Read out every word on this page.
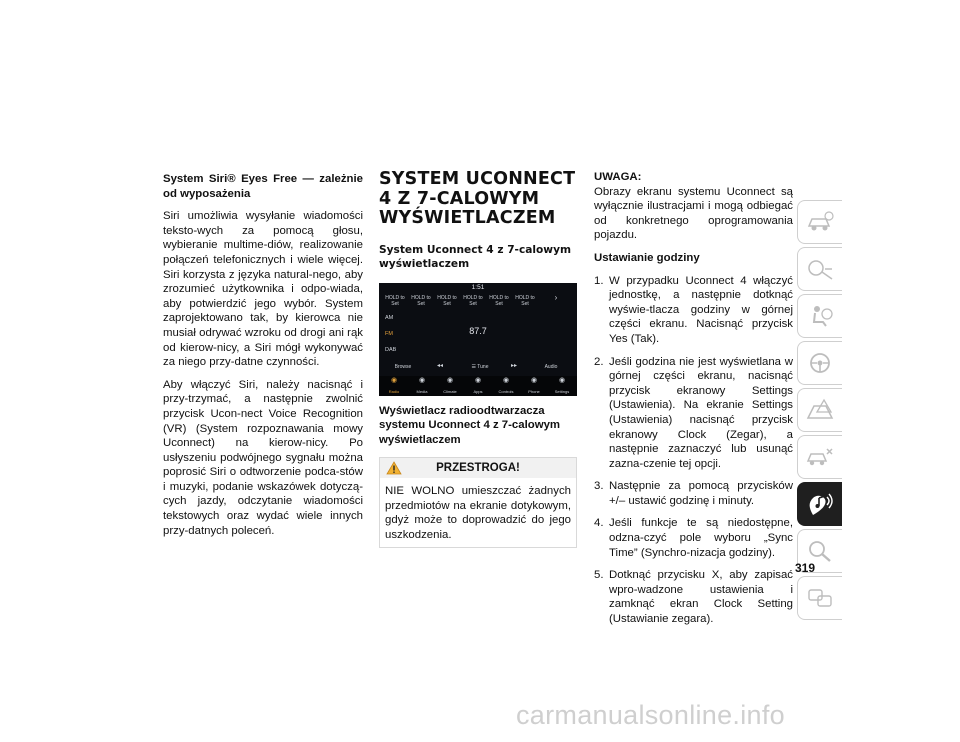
System Siri® Eyes Free — zależnie od wyposażenia

Siri umożliwia wysyłanie wiadomości teksto-wych za pomocą głosu, wybieranie multime-diów, realizowanie połączeń telefonicznych i wiele więcej. Siri korzysta z języka natural-nego, aby zrozumieć użytkownika i odpo-wiada, aby potwierdzić jego wybór. System zaprojektowano tak, by kierowca nie musiał odrywać wzroku od drogi ani rąk od kierow-nicy, a Siri mógł wykonywać za niego przy-datne czynności.

Aby włączyć Siri, należy nacisnąć i przy-trzymać, a następnie zwolnić przycisk Ucon-nect Voice Recognition (VR) (System rozpoznawania mowy Uconnect) na kierow-nicy. Po usłyszeniu podwójnego sygnału można poprosić Siri o odtworzenie podca-stów i muzyki, podanie wskazówek dotyczą-cych jazdy, odczytanie wiadomości tekstowych oraz wydać wiele innych przy-datnych poleceń.

SYSTEM UCONNECT 4 Z 7-CALOWYM WYŚWIETLACZEM
System Uconnect 4 z 7-calowym wyświetlaczem
1:51
HOLD to Set
HOLD to Set
HOLD to Set
HOLD to Set
HOLD to Set
HOLD to Set
›
AM
FM
DAB
87.7
Browse	◂◂	☰ Tune	▸▸	Audio
◉	◉	◉	◉	◉	◉	◉
Radio	Media	Climate	Apps	Controls	Phone	Settings
Wyświetlacz radioodtwarzacza systemu Uconnect 4 z 7-calowym wyświetlaczem
PRZESTROGA!
NIE WOLNO umieszczać żadnych przedmiotów na ekranie dotykowym, gdyż może to doprowadzić do jego uszkodzenia.
UWAGA:

Obrazy ekranu systemu Uconnect są wyłącznie ilustracjami i mogą odbiegać od konkretnego oprogramowania pojazdu.

Ustawianie godziny

1. W przypadku Uconnect 4 włączyć jednostkę, a następnie dotknąć wyświe-tlacza godziny w górnej części ekranu. Nacisnąć przycisk Yes (Tak).
2. Jeśli godzina nie jest wyświetlana w górnej części ekranu, nacisnąć przycisk ekranowy Settings (Ustawienia). Na ekranie Settings (Ustawienia) nacisnąć przycisk ekranowy Clock (Zegar), a następnie zaznaczyć lub usunąć zazna-czenie tej opcji.
3. Następnie za pomocą przycisków +/– ustawić godzinę i minuty.
4. Jeśli funkcje te są niedostępne, odzna-czyć pole wyboru „Sync Time” (Synchro-nizacja godziny).
5. Dotknąć przycisku X, aby zapisać wpro-wadzone ustawienia i zamknąć ekran Clock Setting (Ustawianie zegara).
319
carmanualsonline.info
